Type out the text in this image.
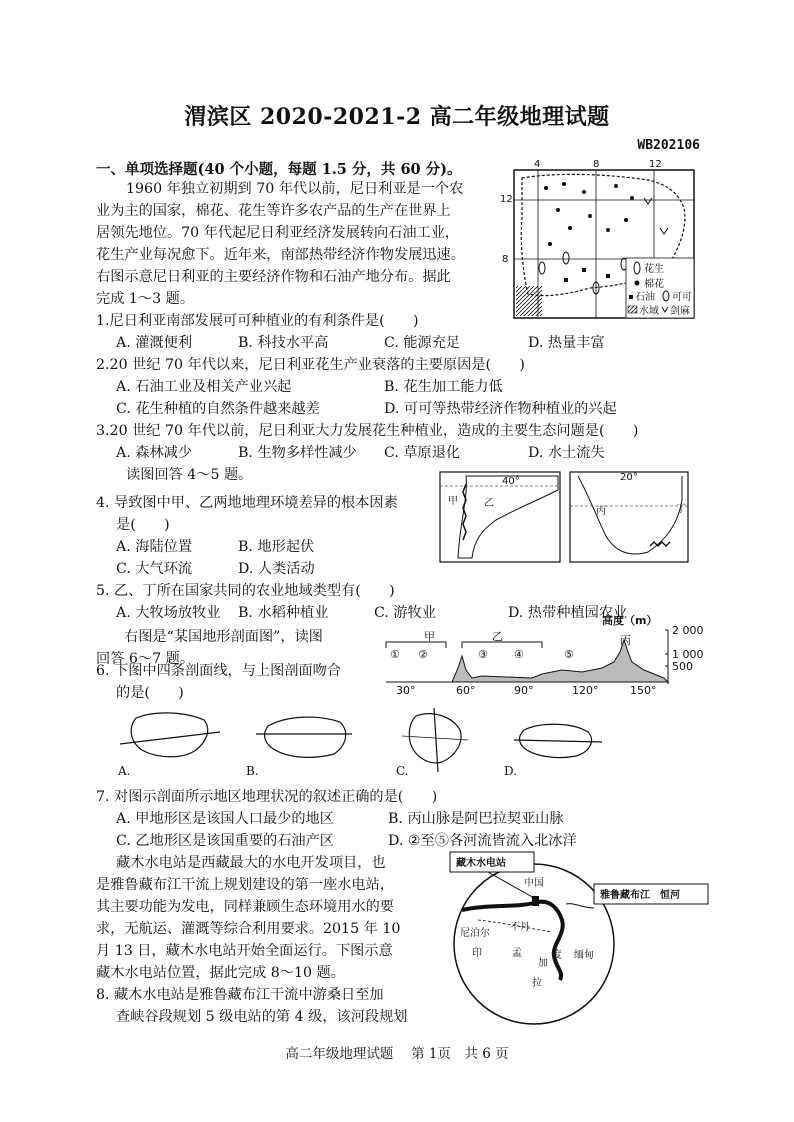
渭滨区 2020-2021-2 高二年级地理试题
WB202106
一、单项选择题(40 个小题，每题 1.5 分，共 60 分)。
1960 年独立初期到 70 年代以前，尼日利亚是一个农
业为主的国家，棉花、花生等许多农产品的生产在世界上
居领先地位。70 年代起尼日利亚经济发展转向石油工业，
花生产业每况愈下。近年来，南部热带经济作物发展迅速。
右图示意尼日利亚的主要经济作物和石油产地分布。据此
完成 1～3 题。
4	8	12
12
8
花生
棉花
石油 可可
水域 剑麻
1.尼日利亚南部发展可可种植业的有利条件是(　　)
A. 灌溉便利	B. 科技水平高	C. 能源充足	D. 热量丰富
2.20 世纪 70 年代以来，尼日利亚花生产业衰落的主要原因是(　　)
A. 石油工业及相关产业兴起	B. 花生加工能力低
C. 花生种植的自然条件越来越差	D. 可可等热带经济作物种植业的兴起
3.20 世纪 70 年代以前，尼日利亚大力发展花生种植业，造成的主要生态问题是(　　)
A. 森林减少	B. 生物多样性减少 C. 草原退化	D. 水土流失
读图回答 4～5 题。
4. 导致图中甲、乙两地地理环境差异的根本因素
是(　　)
A. 海陆位置	B. 地形起伏
C. 大气环流	D. 人类活动
40°	20°
甲	乙
丙	丁
5. 乙、丁所在国家共同的农业地域类型有(　　)
A. 大牧场放牧业 B. 水稻种植业	C. 游牧业	D. 热带种植园农业
右图是“某国地形剖面图”，读图
回答 6～7 题。
高度（m）
2 000
1 000
500
甲	乙	丙
① ②	③ ④	⑤
30°	60°	90°	120°	150°
6. 下图中四条剖面线，与上图剖面吻合
的是(　　)
A.	B.	C.	D.
7. 对图示剖面所示地区地理状况的叙述正确的是(　　)
A. 甲地形区是该国人口最少的地区	B. 丙山脉是阿巴拉契亚山脉
C. 乙地形区是该国重要的石油产区	D. ②至⑤各河流皆流入北冰洋
藏木水电站是西藏最大的水电开发项目，也
是雅鲁藏布江干流上规划建设的第一座水电站，
其主要功能为发电，同样兼顾生态环境用水的要
求，无航运、灌溉等综合利用要求。2015 年 10
月 13 日，藏木水电站开始全面运行。下图示意
藏木水电站位置，据此完成 8～10 题。
藏木水电站
中国
雅鲁藏布江　恒河
尼泊尔
不丹
印	度
孟
加
拉
缅甸
8. 藏木水电站是雅鲁藏布江干流中游桑日至加
查峡谷段规划 5 级电站的第 4 级，该河段规划
高二年级地理试题　 第 1页　共 6 页
